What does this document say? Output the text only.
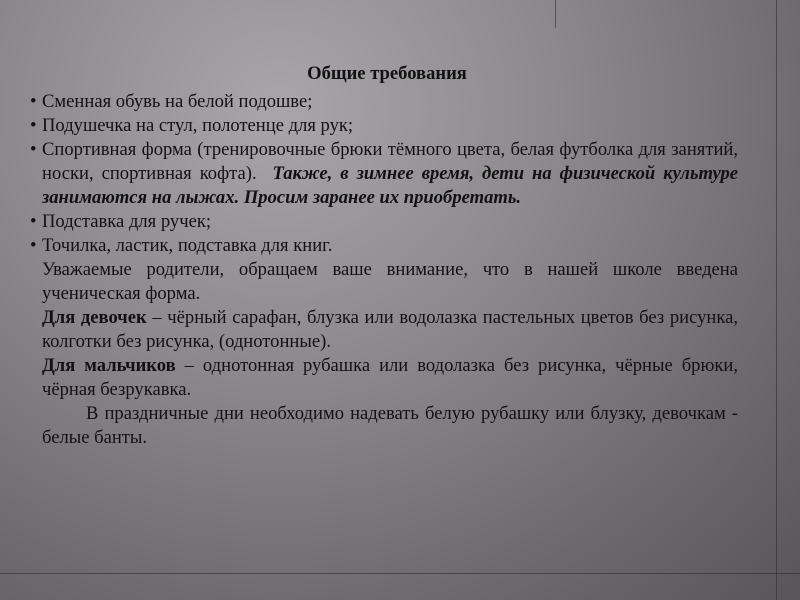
Общие требования
• Сменная обувь на белой подошве;
• Подушечка на стул, полотенце для рук;
• Спортивная форма (тренировочные брюки тёмного цвета, белая футболка для занятий, носки, спортивная кофта). Также, в зимнее время, дети на физической культуре занимаются на лыжах. Просим заранее их приобретать.
• Подставка для ручек;
• Точилка, ластик, подставка для книг.
Уважаемые родители, обращаем ваше внимание, что в нашей школе введена ученическая форма.
Для девочек – чёрный сарафан, блузка или водолазка пастельных цветов без рисунка, колготки без рисунка, (однотонные).
Для мальчиков – однотонная рубашка или водолазка без рисунка, чёрные брюки, чёрная безрукавка.
В праздничные дни необходимо надевать белую рубашку или блузку, девочкам - белые банты.
